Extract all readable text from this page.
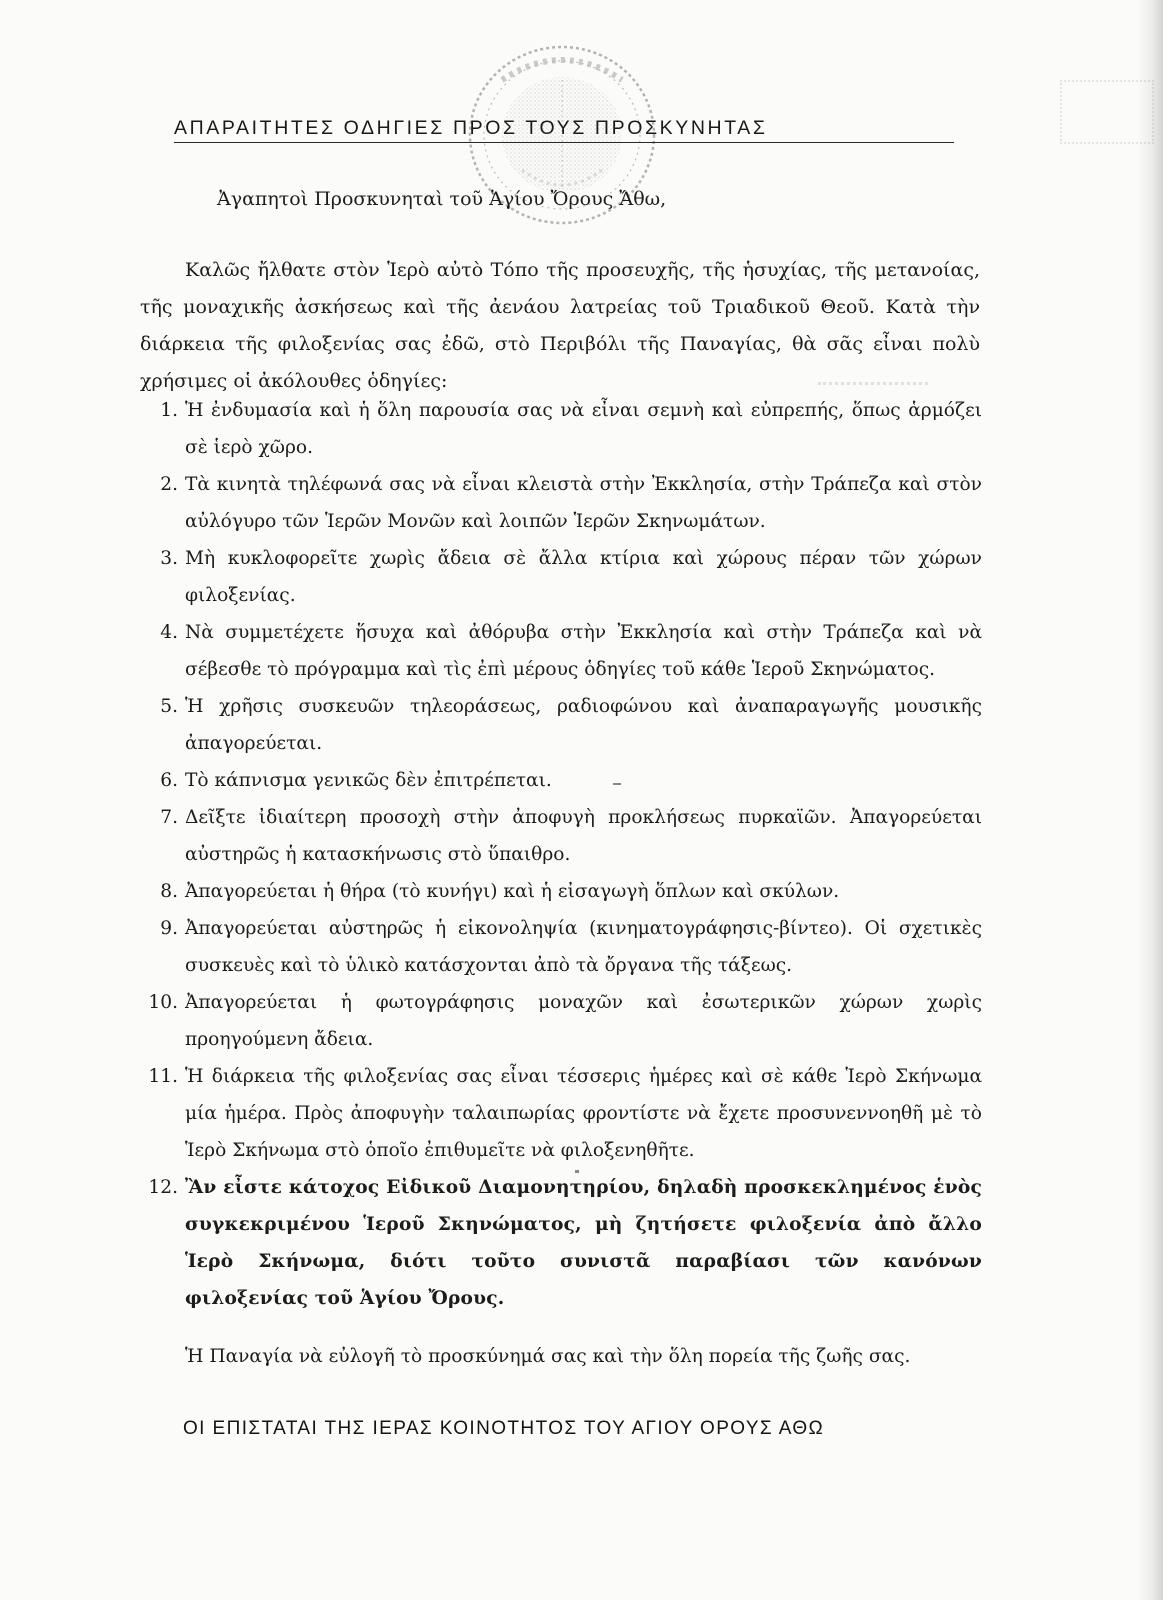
ΑΠΑΡΑΙΤΗΤΕΣ ΟΔΗΓΙΕΣ ΠΡΟΣ ΤΟΥΣ ΠΡΟΣΚΥΝΗΤΑΣ
Ἀγαπητοὶ Προσκυνηταὶ τοῦ Ἁγίου Ὄρους Ἄθω,

Καλῶς ἤλθατε στὸν Ἱερὸ αὐτὸ Τόπο τῆς προσευχῆς, τῆς ἡσυχίας, τῆς μετανοίας, τῆς μοναχικῆς ἀσκήσεως καὶ τῆς ἀενάου λατρείας τοῦ Τριαδικοῦ Θεοῦ. Κατὰ τὴν διάρκεια τῆς φιλοξενίας σας ἐδῶ, στὸ Περιβόλι τῆς Παναγίας, θὰ σᾶς εἶναι πολὺ χρήσιμες οἱ ἀκόλουθες ὁδηγίες:

1. Ἡ ἐνδυμασία καὶ ἡ ὅλη παρουσία σας νὰ εἶναι σεμνὴ καὶ εὐπρεπής, ὅπως ἁρμόζει σὲ ἱερὸ χῶρο.
2. Τὰ κινητὰ τηλέφωνά σας νὰ εἶναι κλειστὰ στὴν Ἐκκλησία, στὴν Τράπεζα καὶ στὸν αὐλόγυρο τῶν Ἱερῶν Μονῶν καὶ λοιπῶν Ἱερῶν Σκηνωμάτων.
3. Μὴ κυκλοφορεῖτε χωρὶς ἄδεια σὲ ἄλλα κτίρια καὶ χώρους πέραν τῶν χώρων φιλοξενίας.
4. Νὰ συμμετέχετε ἥσυχα καὶ ἀθόρυβα στὴν Ἐκκλησία καὶ στὴν Τράπεζα καὶ νὰ σέβεσθε τὸ πρόγραμμα καὶ τὶς ἐπὶ μέρους ὁδηγίες τοῦ κάθε Ἱεροῦ Σκηνώματος.
5. Ἡ χρῆσις συσκευῶν τηλεοράσεως, ραδιοφώνου καὶ ἀναπαραγωγῆς μουσικῆς ἀπαγορεύεται.
6. Τὸ κάπνισμα γενικῶς δὲν ἐπιτρέπεται.
7. Δεῖξτε ἰδιαίτερη προσοχὴ στὴν ἀποφυγὴ προκλήσεως πυρκαϊῶν. Ἀπαγορεύεται αὐστηρῶς ἡ κατασκήνωσις στὸ ὕπαιθρο.
8. Ἀπαγορεύεται ἡ θήρα (τὸ κυνήγι) καὶ ἡ εἰσαγωγὴ ὅπλων καὶ σκύλων.
9. Ἀπαγορεύεται αὐστηρῶς ἡ εἰκονοληψία (κινηματογράφησις-βίντεο). Οἱ σχετικὲς συσκευὲς καὶ τὸ ὑλικὸ κατάσχονται ἀπὸ τὰ ὄργανα τῆς τάξεως.
10. Ἀπαγορεύεται ἡ φωτογράφησις μοναχῶν καὶ ἐσωτερικῶν χώρων χωρὶς προηγούμενη ἄδεια.
11. Ἡ διάρκεια τῆς φιλοξενίας σας εἶναι τέσσερις ἡμέρες καὶ σὲ κάθε Ἱερὸ Σκήνωμα μία ἡμέρα. Πρὸς ἀποφυγὴν ταλαιπωρίας φροντίστε νὰ ἔχετε προσυνεννοηθῆ μὲ τὸ Ἱερὸ Σκήνωμα στὸ ὁποῖο ἐπιθυμεῖτε νὰ φιλοξενηθῆτε.
12. Ἂν εἶστε κάτοχος Εἰδικοῦ Διαμονητηρίου, δηλαδὴ προσκεκλημένος ἑνὸς συγκεκριμένου Ἱεροῦ Σκηνώματος, μὴ ζητήσετε φιλοξενία ἀπὸ ἄλλο Ἱερὸ Σκήνωμα, διότι τοῦτο συνιστᾶ παραβίασι τῶν κανόνων φιλοξενίας τοῦ Ἁγίου Ὄρους.
Ἡ Παναγία νὰ εὐλογῆ τὸ προσκύνημά σας καὶ τὴν ὅλη πορεία τῆς ζωῆς σας.
ΟΙ ΕΠΙΣΤΑΤΑΙ ΤΗΣ ΙΕΡΑΣ ΚΟΙΝΟΤΗΤΟΣ ΤΟΥ ΑΓΙΟΥ ΟΡΟΥΣ ΑΘΩ
